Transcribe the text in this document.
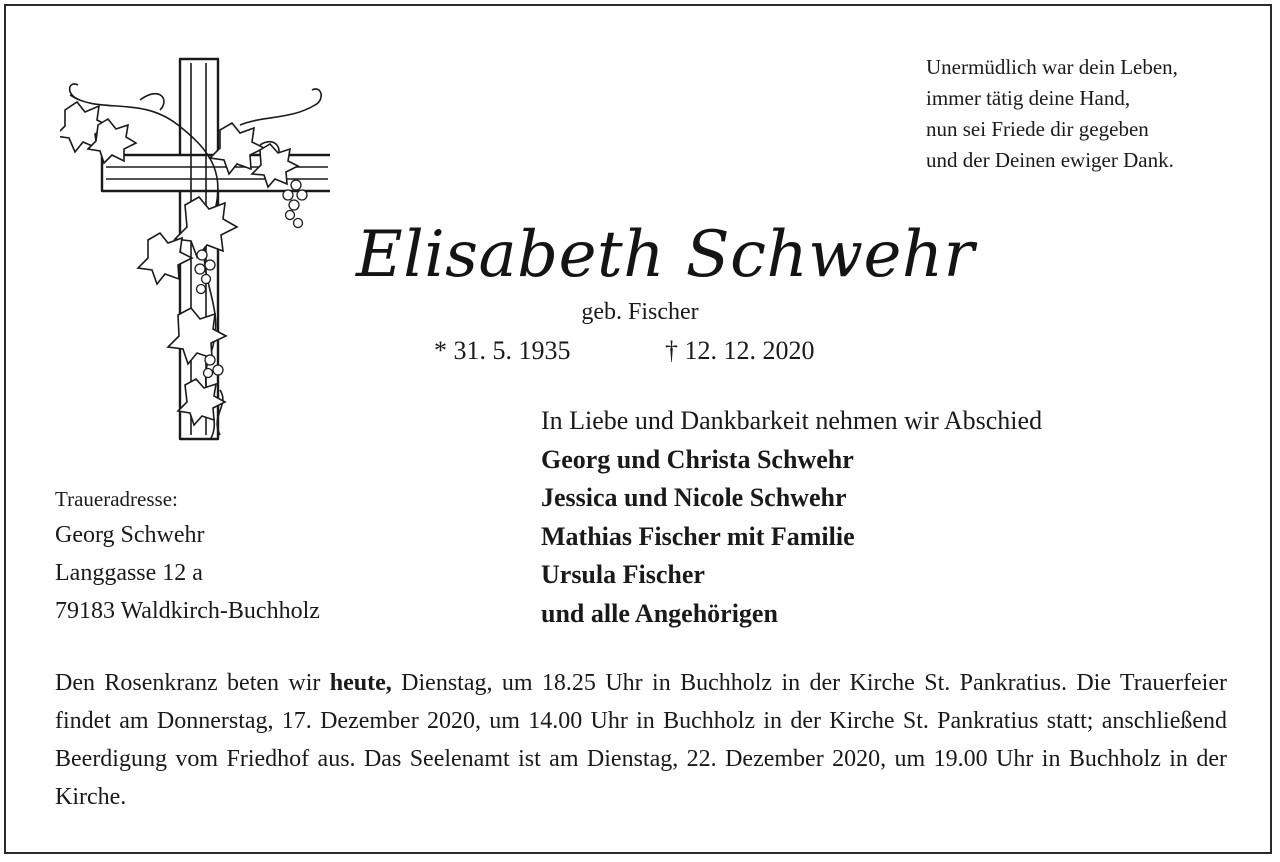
Unermüdlich war dein Leben,
immer tätig deine Hand,
nun sei Friede dir gegeben
und der Deinen ewiger Dank.
Elisabeth Schwehr
geb. Fischer
* 31. 5. 1935	† 12. 12. 2020
In Liebe und Dankbarkeit nehmen wir Abschied
Georg und Christa Schwehr
Jessica und Nicole Schwehr
Mathias Fischer mit Familie
Ursula Fischer
und alle Angehörigen
Traueradresse:
Georg Schwehr
Langgasse 12 a
79183 Waldkirch-Buchholz
Den Rosenkranz beten wir heute, Dienstag, um 18.25 Uhr in Buchholz in der Kirche St. Pankratius. Die Trauerfeier findet am Donnerstag, 17. Dezember 2020, um 14.00 Uhr in Buchholz in der Kirche St. Pankratius statt; anschließend Beerdigung vom Friedhof aus. Das Seelenamt ist am Dienstag, 22. Dezember 2020, um 19.00 Uhr in Buchholz in der Kirche.
